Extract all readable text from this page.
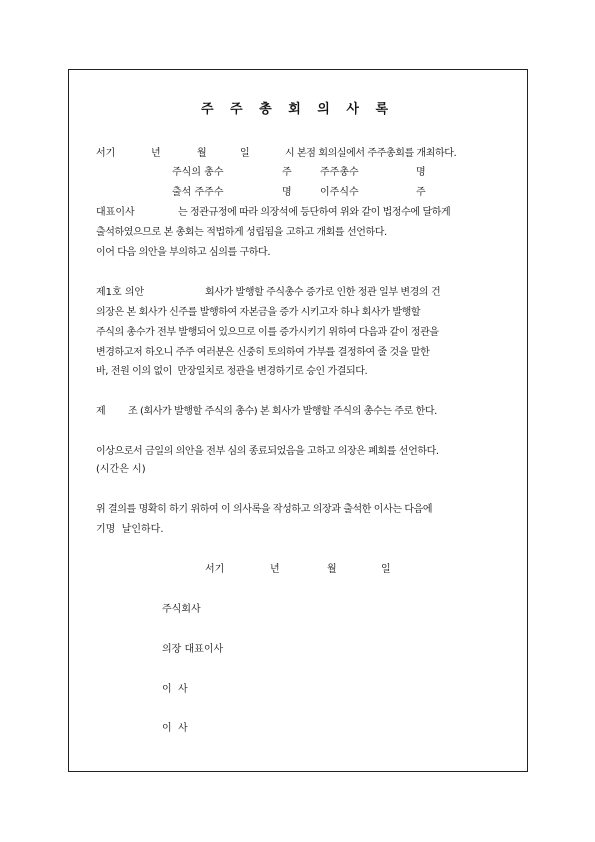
주 주 총 회 의 사 록
서기	년	월	일	시 본점 회의실에서 주주총회를 개최하다.
주식의 총수	주	주주총수	명
출석 주주수	명	이주식수	주
대표이사	는 정관규정에 따라 의장석에 등단하여 위와 같이 법정수에 달하게
출석하였으므로 본 총회는 적법하게 성립됨을 고하고 개회를 선언하다.
이어 다음 의안을 부의하고 심의를 구하다.
제1호 의안	회사가 발행할 주식총수 증가로 인한 정관 일부 변경의 건
의장은 본 회사가 신주를 발행하여 자본금을 증가 시키고자 하나 회사가 발행할
주식의 총수가 전부 발행되어 있으므로 이를 증가시키기 위하여 다음과 같이 정관을
변경하고저 하오니 주주 여러분은 신중히 토의하여 가부를 결정하여 줄 것을 말한
바, 전원 이의 없이  만장일치로 정관을 변경하기로 승인 가결되다.
제 조 (회사가 발행할 주식의 총수) 본 회사가 발행할 주식의 총수는 주로 한다.
이상으로서 금일의 의안을 전부 심의 종료되었음을 고하고 의장은 폐회를 선언하다.
(시간은 시)
위 결의를 명확히 하기 위하여 이 의사록을 작성하고 의장과 출석한 이사는 다음에
기명  날인하다.
서기	년	월	일
주식회사
의장 대표이사
이  사
이  사
